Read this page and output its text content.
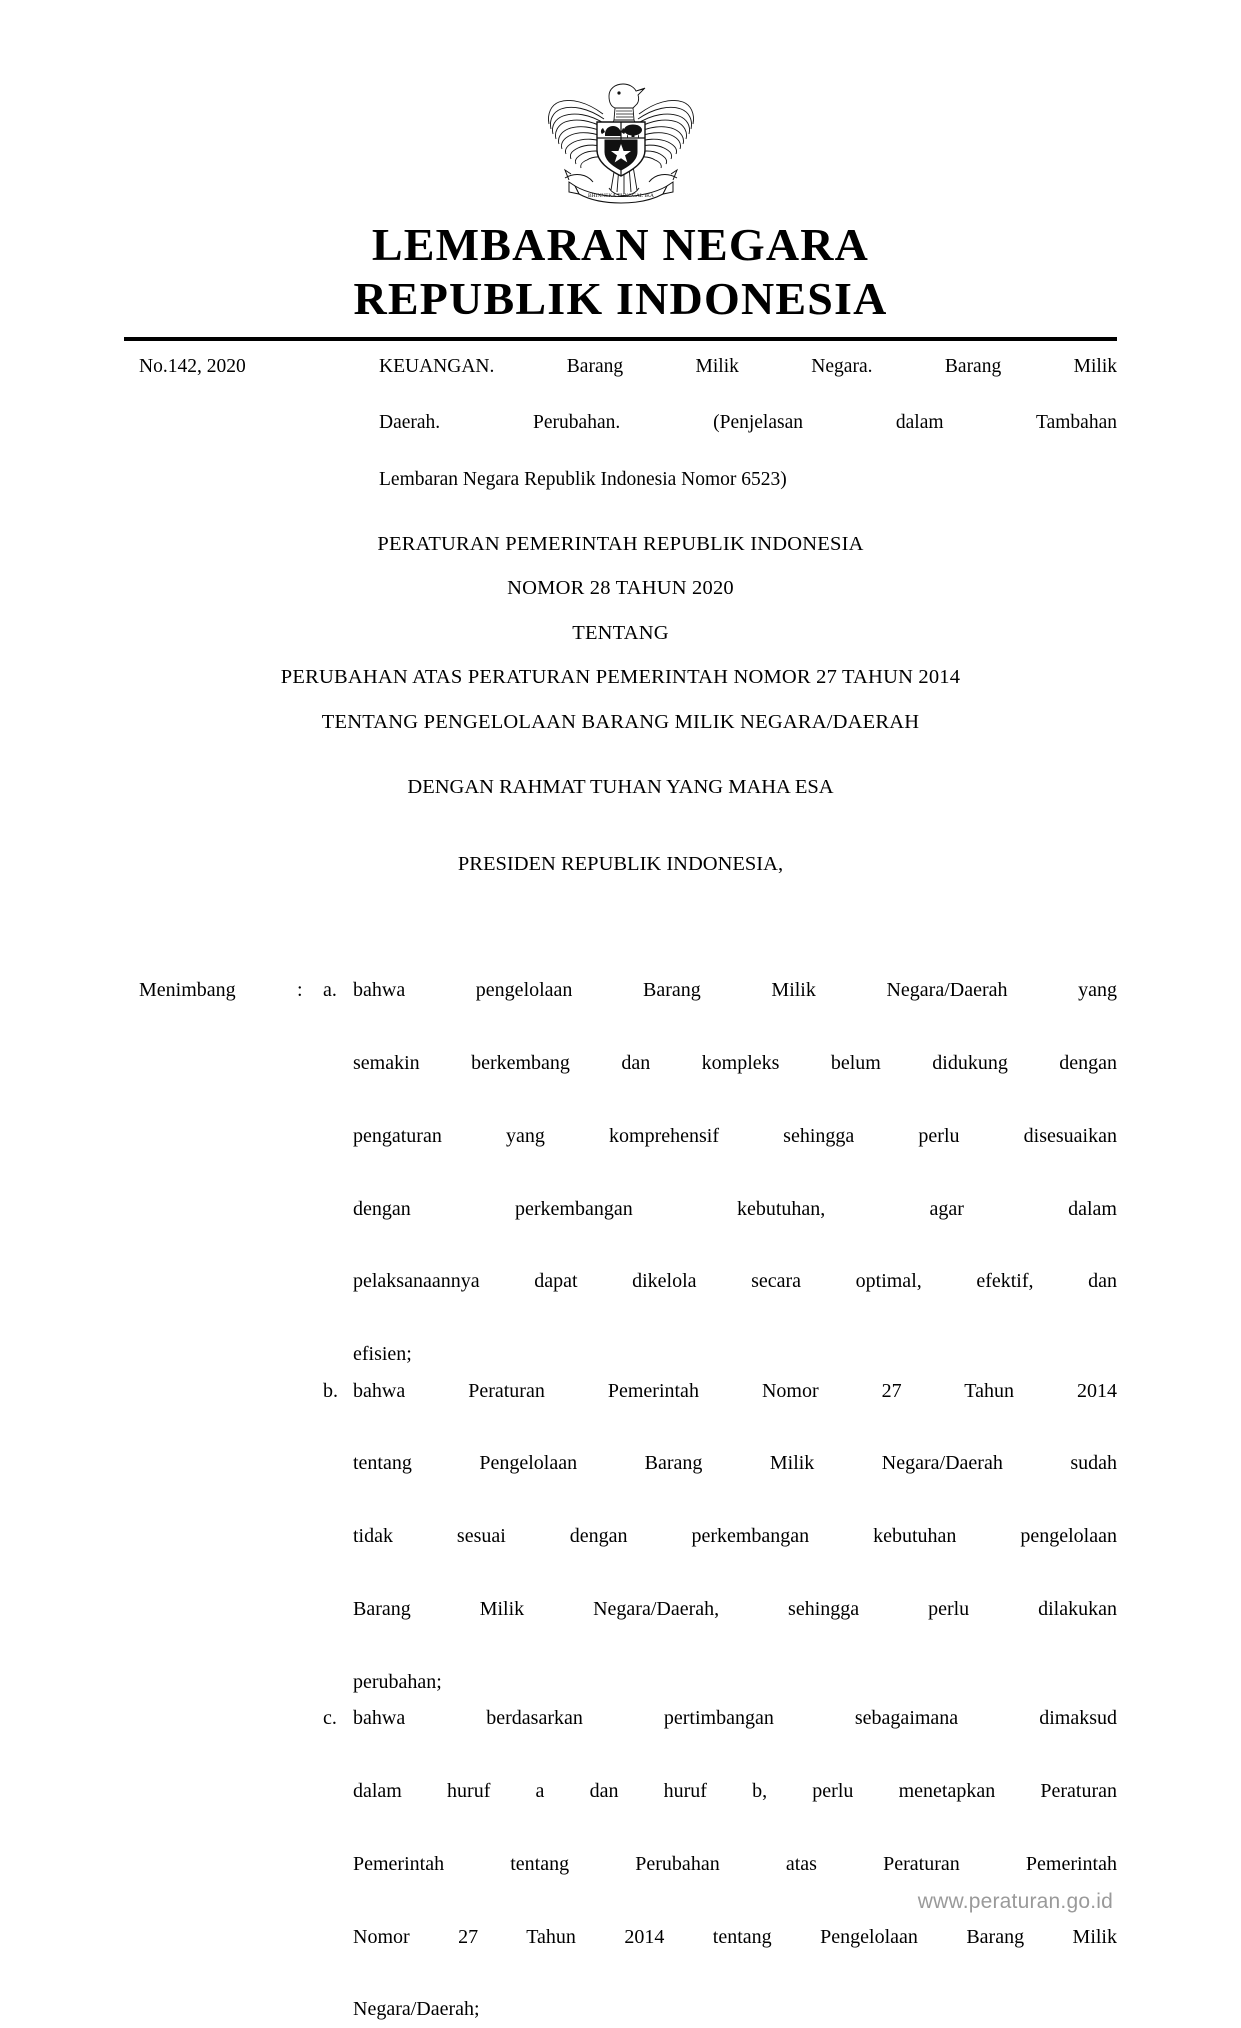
BHINNEKA TUNGGAL IKA
LEMBARAN NEGARA
REPUBLIK INDONESIA
No.142, 2020	KEUANGAN. Barang Milik Negara. Barang Milik
Daerah. Perubahan. (Penjelasan dalam Tambahan
Lembaran Negara Republik Indonesia Nomor 6523)
PERATURAN PEMERINTAH REPUBLIK INDONESIA
NOMOR 28 TAHUN 2020
TENTANG
PERUBAHAN ATAS PERATURAN PEMERINTAH NOMOR 27 TAHUN 2014
TENTANG PENGELOLAAN BARANG MILIK NEGARA/DAERAH
DENGAN RAHMAT TUHAN YANG MAHA ESA
PRESIDEN REPUBLIK INDONESIA,
Menimbang	:	a. bahwa pengelolaan Barang Milik Negara/Daerah yang
semakin berkembang dan kompleks belum didukung dengan
pengaturan yang komprehensif sehingga perlu disesuaikan
dengan perkembangan kebutuhan, agar dalam
pelaksanaannya dapat dikelola secara optimal, efektif, dan
efisien;
b. bahwa Peraturan Pemerintah Nomor 27 Tahun 2014
tentang Pengelolaan Barang Milik Negara/Daerah sudah
tidak sesuai dengan perkembangan kebutuhan pengelolaan
Barang Milik Negara/Daerah, sehingga perlu dilakukan
perubahan;
c. bahwa berdasarkan pertimbangan sebagaimana dimaksud
dalam huruf a dan huruf b, perlu menetapkan Peraturan
Pemerintah tentang Perubahan atas Peraturan Pemerintah
Nomor 27 Tahun 2014 tentang Pengelolaan Barang Milik
Negara/Daerah;
www.peraturan.go.id
